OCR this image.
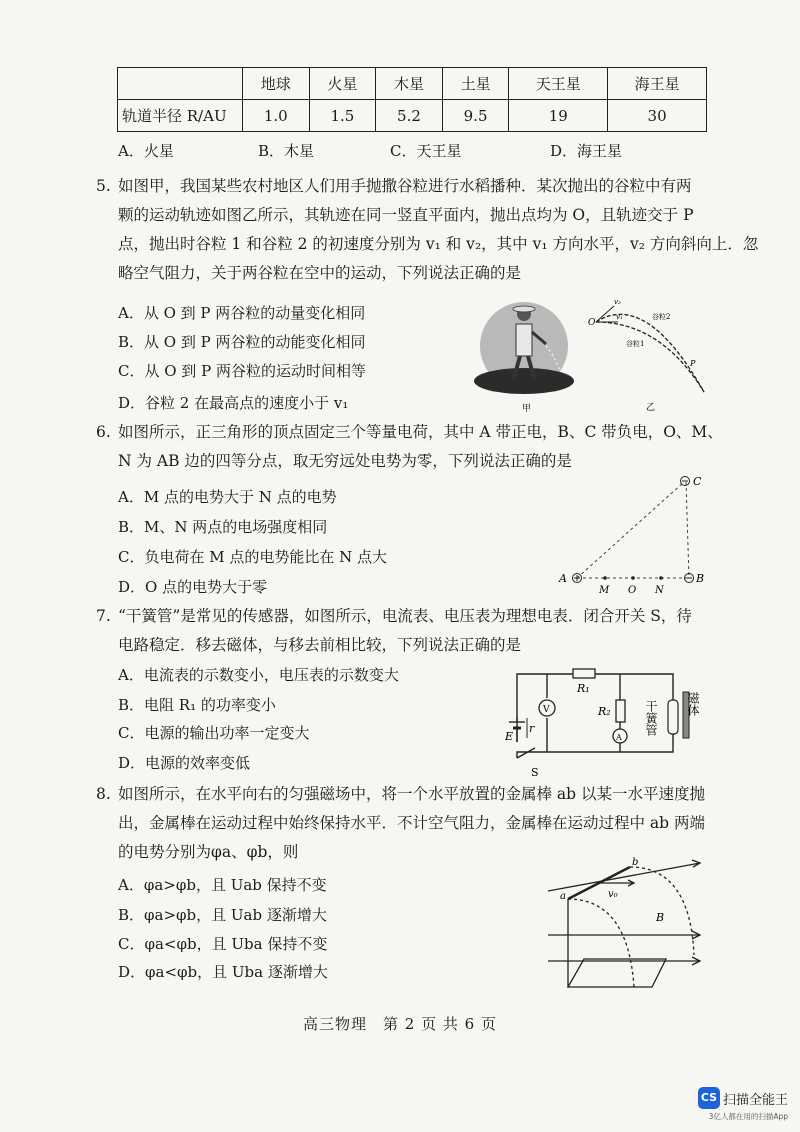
	地球	火星	木星	土星	天王星	海王星
轨道半径 R/AU	1.0	1.5	5.2	9.5	19	30
A．火星	B．木星	C．天王星	D．海王星

5. 如图甲，我国某些农村地区人们用手抛撒谷粒进行水稻播种．某次抛出的谷粒中有两

颗的运动轨迹如图乙所示，其轨迹在同一竖直平面内，抛出点均为 O，且轨迹交于 P

点，抛出时谷粒 1 和谷粒 2 的初速度分别为 v₁ 和 v₂，其中 v₁ 方向水平，v₂ 方向斜向上．忽

略空气阻力，关于两谷粒在空中的运动，下列说法正确的是

A．从 O 到 P 两谷粒的动量变化相同
B．从 O 到 P 两谷粒的动能变化相同
C．从 O 到 P 两谷粒的运动时间相等
D．谷粒 2 在最高点的速度小于 v₁	甲
O
v₂
v₁	谷粒2
谷粒1
P
乙

6. 如图所示，正三角形的顶点固定三个等量电荷，其中 A 带正电，B、C 带负电，O、M、

N 为 AB 边的四等分点，取无穷远处电势为零，下列说法正确的是

A．M 点的电势大于 N 点的电势
B．M、N 两点的电场强度相同
C．负电荷在 M 点的电势能比在 N 点大
D．O 点的电势大于零
C
A	B
M O N

7. “干簧管”是常见的传感器，如图所示，电流表、电压表为理想电表．闭合开关 S，待

电路稳定．移去磁体，与移去前相比较，下列说法正确的是

A．电流表的示数变小，电压表的示数变大
B．电阻 R₁ 的功率变小
C．电源的输出功率一定变大
D．电源的效率变低
R₁
R₂
V
A
E
r
S
干簧管 磁体

8. 如图所示，在水平向右的匀强磁场中，将一个水平放置的金属棒 ab 以某一水平速度抛

出，金属棒在运动过程中始终保持水平．不计空气阻力，金属棒在运动过程中 ab 两端

的电势分别为φa、φb，则

A．φa>φb，且 Uab 保持不变
B．φa>φb，且 Uab 逐渐增大
C．φa<φb，且 Uba 保持不变
D．φa<φb，且 Uba 逐渐增大
a
b
v₀
B
高三物理　第 2 页 共 6 页
CS 扫描全能王
3亿人都在用的扫描App
